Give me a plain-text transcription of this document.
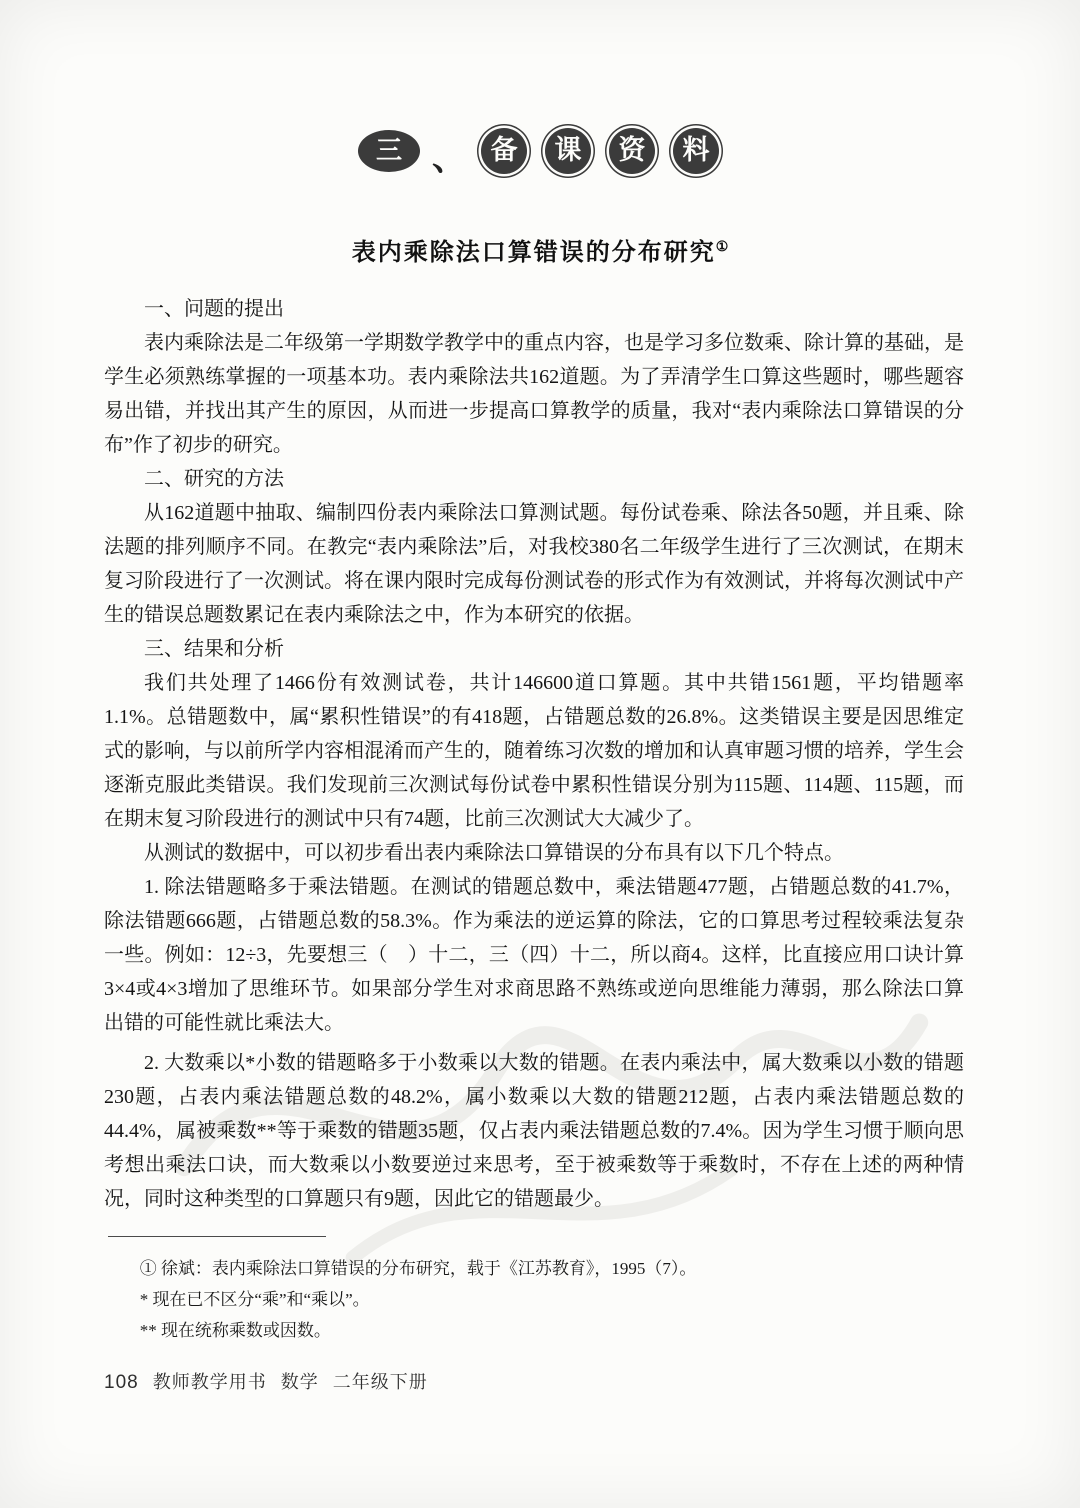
三 、 备	课	资	料
表内乘除法口算错误的分布研究①

一、问题的提出

表内乘除法是二年级第一学期数学教学中的重点内容，也是学习多位数乘、除计算的基础，是学生必须熟练掌握的一项基本功。表内乘除法共162道题。为了弄清学生口算这些题时，哪些题容易出错，并找出其产生的原因，从而进一步提高口算教学的质量，我对“表内乘除法口算错误的分布”作了初步的研究。

二、研究的方法

从162道题中抽取、编制四份表内乘除法口算测试题。每份试卷乘、除法各50题，并且乘、除法题的排列顺序不同。在教完“表内乘除法”后，对我校380名二年级学生进行了三次测试，在期末复习阶段进行了一次测试。将在课内限时完成每份测试卷的形式作为有效测试，并将每次测试中产生的错误总题数累记在表内乘除法之中，作为本研究的依据。

三、结果和分析

我们共处理了1466份有效测试卷，共计146600道口算题。其中共错1561题，平均错题率1.1%。总错题数中，属“累积性错误”的有418题，占错题总数的26.8%。这类错误主要是因思维定式的影响，与以前所学内容相混淆而产生的，随着练习次数的增加和认真审题习惯的培养，学生会逐渐克服此类错误。我们发现前三次测试每份试卷中累积性错误分别为115题、114题、115题，而在期末复习阶段进行的测试中只有74题，比前三次测试大大减少了。

从测试的数据中，可以初步看出表内乘除法口算错误的分布具有以下几个特点。

1. 除法错题略多于乘法错题。在测试的错题总数中，乘法错题477题，占错题总数的41.7%，除法错题666题，占错题总数的58.3%。作为乘法的逆运算的除法，它的口算思考过程较乘法复杂一些。例如：12÷3，先要想三（　）十二，三（四）十二，所以商4。这样，比直接应用口诀计算3×4或4×3增加了思维环节。如果部分学生对求商思路不熟练或逆向思维能力薄弱，那么除法口算出错的可能性就比乘法大。

2. 大数乘以*小数的错题略多于小数乘以大数的错题。在表内乘法中，属大数乘以小数的错题230题，占表内乘法错题总数的48.2%，属小数乘以大数的错题212题，占表内乘法错题总数的44.4%，属被乘数**等于乘数的错题35题，仅占表内乘法错题总数的7.4%。因为学生习惯于顺向思考想出乘法口诀，而大数乘以小数要逆过来思考，至于被乘数等于乘数时，不存在上述的两种情况，同时这种类型的口算题只有9题，因此它的错题最少。

① 徐斌：表内乘除法口算错误的分布研究，载于《江苏教育》，1995（7）。

* 现在已不区分“乘”和“乘以”。

** 现在统称乘数或因数。

108 教师教学用书 数学 二年级下册
